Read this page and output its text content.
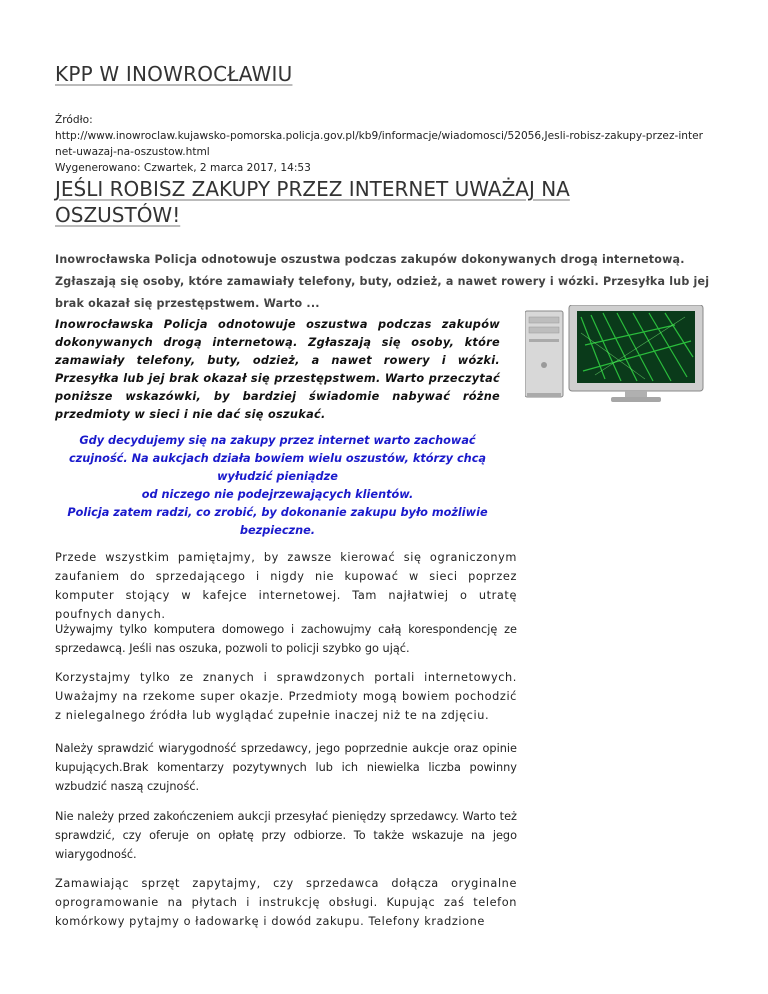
KPP W INOWROCŁAWIU
Źródło:
http://www.inowroclaw.kujawsko-pomorska.policja.gov.pl/kb9/informacje/wiadomosci/52056,Jesli-robisz-zakupy-przez-internet-uwazaj-na-oszustow.html
Wygenerowano: Czwartek, 2 marca 2017, 14:53
JEŚLI ROBISZ ZAKUPY PRZEZ INTERNET UWAŻAJ NA OSZUSTÓW!
Inowrocławska Policja odnotowuje oszustwa podczas zakupów dokonywanych drogą internetową. Zgłaszają się osoby, które zamawiały telefony, buty, odzież, a nawet rowery i wózki. Przesyłka lub jej brak okazał się przestępstwem. Warto ...
Inowrocławska Policja odnotowuje oszustwa podczas zakupów dokonywanych drogą internetową. Zgłaszają się osoby, które zamawiały telefony, buty, odzież, a nawet rowery i wózki. Przesyłka lub jej brak okazał się przestępstwem. Warto przeczytać poniższe wskazówki, by bardziej świadomie nabywać różne przedmioty w sieci i nie dać się oszukać.
Gdy decydujemy się na zakupy przez internet warto zachować czujność. Na aukcjach działa bowiem wielu oszustów, którzy chcą wyłudzić pieniądze
od niczego nie podejrzewających klientów.
Policja zatem radzi, co zrobić, by dokonanie zakupu było możliwie bezpieczne.
Przede wszystkim pamiętajmy, by zawsze kierować się ograniczonym zaufaniem do sprzedającego i nigdy nie kupować w sieci poprzez komputer stojący w kafejce internetowej. Tam najłatwiej o utratę poufnych danych.
Używajmy tylko komputera domowego i zachowujmy całą korespondencję ze sprzedawcą. Jeśli nas oszuka, pozwoli to policji szybko go ująć.
Korzystajmy tylko ze znanych i sprawdzonych portali internetowych. Uważajmy na rzekome super okazje. Przedmioty mogą bowiem pochodzić z nielegalnego źródła lub wyglądać zupełnie inaczej niż te na zdjęciu.
Należy sprawdzić wiarygodność sprzedawcy, jego poprzednie aukcje oraz opinie kupujących.Brak komentarzy pozytywnych lub ich niewielka liczba powinny wzbudzić naszą czujność.
Nie należy przed zakończeniem aukcji przesyłać pieniędzy sprzedawcy. Warto też sprawdzić, czy oferuje on opłatę przy odbiorze. To także wskazuje na jego wiarygodność.
Zamawiając sprzęt zapytajmy, czy sprzedawca dołącza oryginalne oprogramowanie na płytach i instrukcję obsługi. Kupując zaś telefon komórkowy pytajmy o ładowarkę i dowód zakupu. Telefony kradzione
